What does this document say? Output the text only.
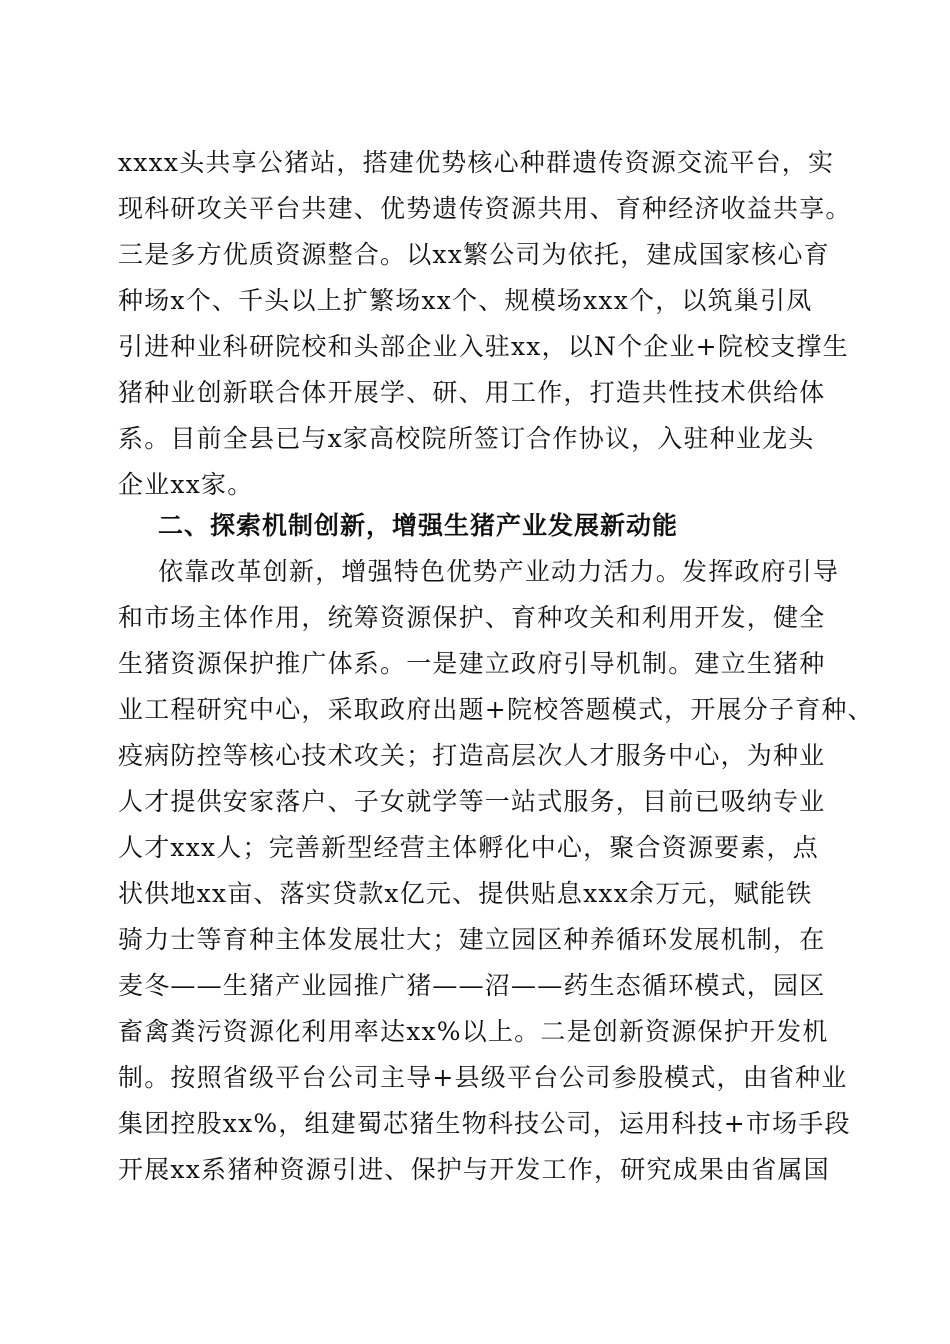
xxxx头共享公猪站，搭建优势核心种群遗传资源交流平台，实
现科研攻关平台共建、优势遗传资源共用、育种经济收益共享。
三是多方优质资源整合。以xx繁公司为依托，建成国家核心育
种场x个、千头以上扩繁场xx个、规模场xxx个，以筑巢引凤
引进种业科研院校和头部企业入驻xx，以N个企业+院校支撑生
猪种业创新联合体开展学、研、用工作，打造共性技术供给体
系。目前全县已与x家高校院所签订合作协议，入驻种业龙头
企业xx家。
二、探索机制创新，增强生猪产业发展新动能
依靠改革创新，增强特色优势产业动力活力。发挥政府引导
和市场主体作用，统筹资源保护、育种攻关和利用开发，健全
生猪资源保护推广体系。一是建立政府引导机制。建立生猪种
业工程研究中心，采取政府出题+院校答题模式，开展分子育种、
疫病防控等核心技术攻关；打造高层次人才服务中心，为种业
人才提供安家落户、子女就学等一站式服务，目前已吸纳专业
人才xxx人；完善新型经营主体孵化中心，聚合资源要素，点
状供地xx亩、落实贷款x亿元、提供贴息xxx余万元，赋能铁
骑力士等育种主体发展壮大；建立园区种养循环发展机制，在
麦冬——生猪产业园推广猪——沼——药生态循环模式，园区
畜禽粪污资源化利用率达xx%以上。二是创新资源保护开发机
制。按照省级平台公司主导+县级平台公司参股模式，由省种业
集团控股xx%，组建蜀芯猪生物科技公司，运用科技+市场手段
开展xx系猪种资源引进、保护与开发工作，研究成果由省属国
